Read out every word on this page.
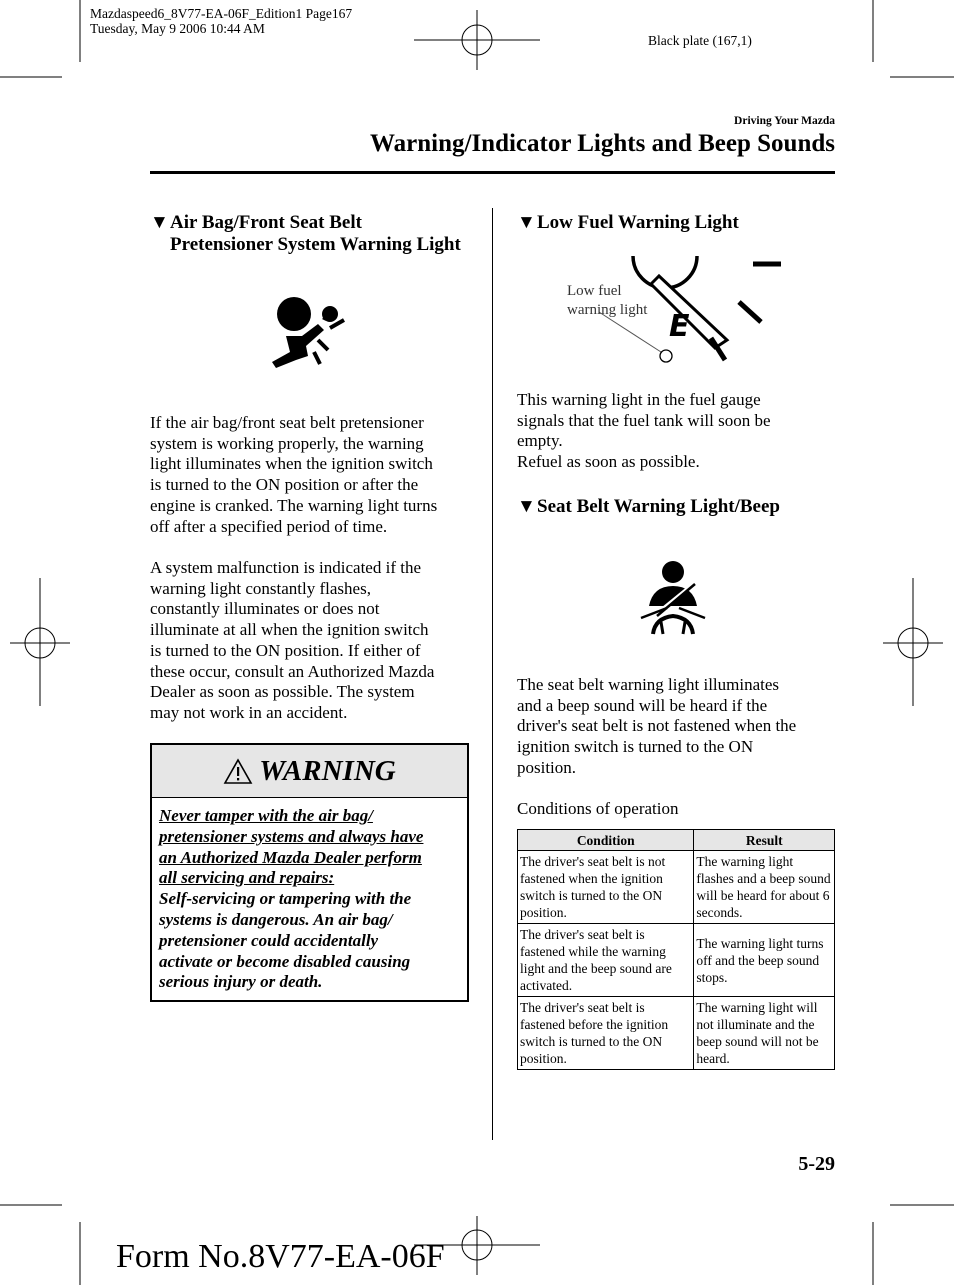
Mazdaspeed6_8V77-EA-06F_Edition1 Page167
Tuesday, May 9 2006 10:44 AM
Black plate (167,1)
Driving Your Mazda
Warning/Indicator Lights and Beep Sounds
▼Air Bag/Front Seat Belt
Pretensioner System Warning Light
If the air bag/front seat belt pretensioner
system is working properly, the warning
light illuminates when the ignition switch
is turned to the ON position or after the
engine is cranked. The warning light turns
off after a specified period of time.
A system malfunction is indicated if the
warning light constantly flashes,
constantly illuminates or does not
illuminate at all when the ignition switch
is turned to the ON position. If either of
these occur, consult an Authorized Mazda
Dealer as soon as possible. The system
may not work in an accident.
WARNING
Never tamper with the air bag/
pretensioner systems and always have
an Authorized Mazda Dealer perform
all servicing and repairs:
Self-servicing or tampering with the
systems is dangerous. An air bag/
pretensioner could accidentally
activate or become disabled causing
serious injury or death.
▼Low Fuel Warning Light
E
Low fuel
warning light
This warning light in the fuel gauge
signals that the fuel tank will soon be
empty.
Refuel as soon as possible.
▼Seat Belt Warning Light/Beep
The seat belt warning light illuminates
and a beep sound will be heard if the
driver's seat belt is not fastened when the
ignition switch is turned to the ON
position.
Conditions of operation
Condition	Result
The driver's seat belt is not fastened when the ignition switch is turned to the ON position.	The warning light flashes and a beep sound will be heard for about 6 seconds.
The driver's seat belt is fastened while the warning light and the beep sound are activated.	The warning light turns off and the beep sound stops.
The driver's seat belt is fastened before the ignition switch is turned to the ON position.	The warning light will not illuminate and the beep sound will not be heard.
5-29
Form No.8V77-EA-06F
